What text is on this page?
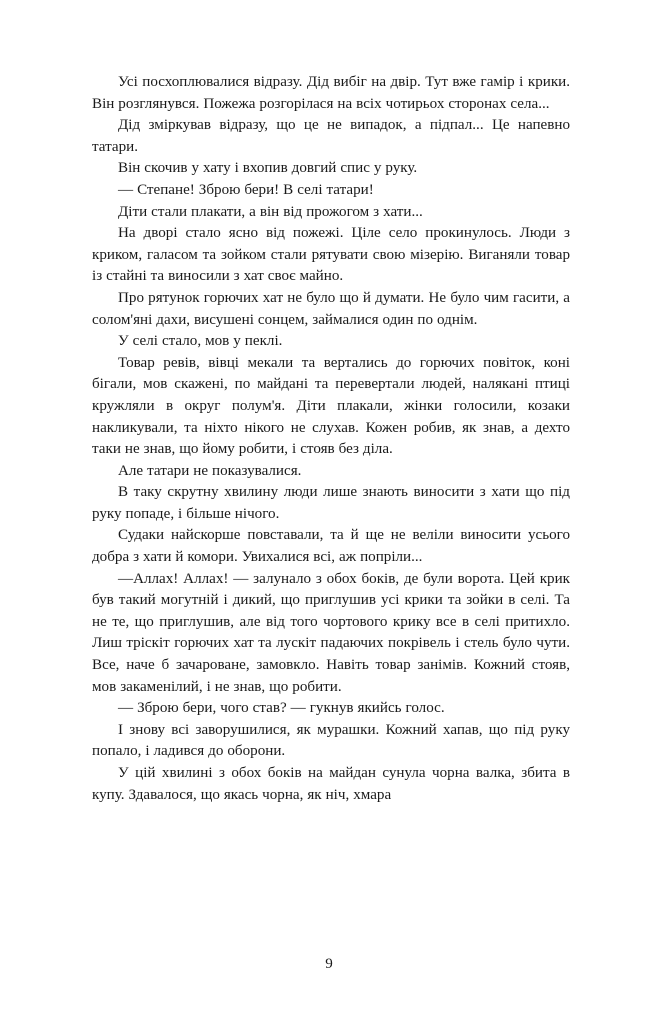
Усі посхоплювалися відразу. Дід вибіг на двір. Тут вже гамір і крики. Він розглянувся. Пожежа розгорілася на всіх чотирьох сторонах села...

Дід зміркував відразу, що це не випадок, а підпал... Це напевно татари.

Він скочив у хату і вхопив довгий спис у руку.

— Степане! Зброю бери! В селі татари!

Діти стали плакати, а вiн вiд прожогом з хати...

На дворі стало ясно від пожежі. Ціле село прокинулось. Люди з криком, галасом та зойком стали рятувати свою мізерію. Виганяли товар із стайні та виносили з хат своє майно.

Про рятунок горючих хат не було що й думати. Не було чим гасити, а солом'яні дахи, висушені сонцем, займалися один по однім.

У селі стало, мов у пеклі.

Товар ревів, вівці мекали та вертались до горючих повіток, коні бігали, мов скажені, по майдані та перевертали людей, налякані птиці кружляли в округ полум'я. Діти плакали, жінки голосили, козаки накликували, та ніхто нікого не слухав. Кожен робив, як знав, а дехто таки не знав, що йому робити, і стояв без діла.

Але татари не показувалися.

В таку скрутну хвилину люди лише знають виносити з хати що під руку попаде, і більше нічого.

Судаки найскорше повставали, та й ще не веліли виносити усього добра з хати й комори. Увихалися всі, аж попріли...

—Аллах! Аллах! — залунало з обох боків, де були ворота. Цей крик був такий могутній і дикий, що приглушив усі крики та зойки в селі. Та не те, що приглушив, але від того чортового крику все в селі притихло. Лиш тріскіт горючих хат та лускіт падаючих покрівель і стель було чути. Все, наче б зачароване, замовкло. Навіть товар занімів. Кожний стояв, мов закаменілий, і не знав, що робити.

— Зброю бери, чого став? — гукнув якийсь голос.

І знову всі заворушилися, як мурашки. Кожний хапав, що під руку попало, і ладився до оборони.

У цій хвилині з обох боків на майдан сунула чорна валка, збита в купу. Здавалося, що якась чорна, як ніч, хмара

9
